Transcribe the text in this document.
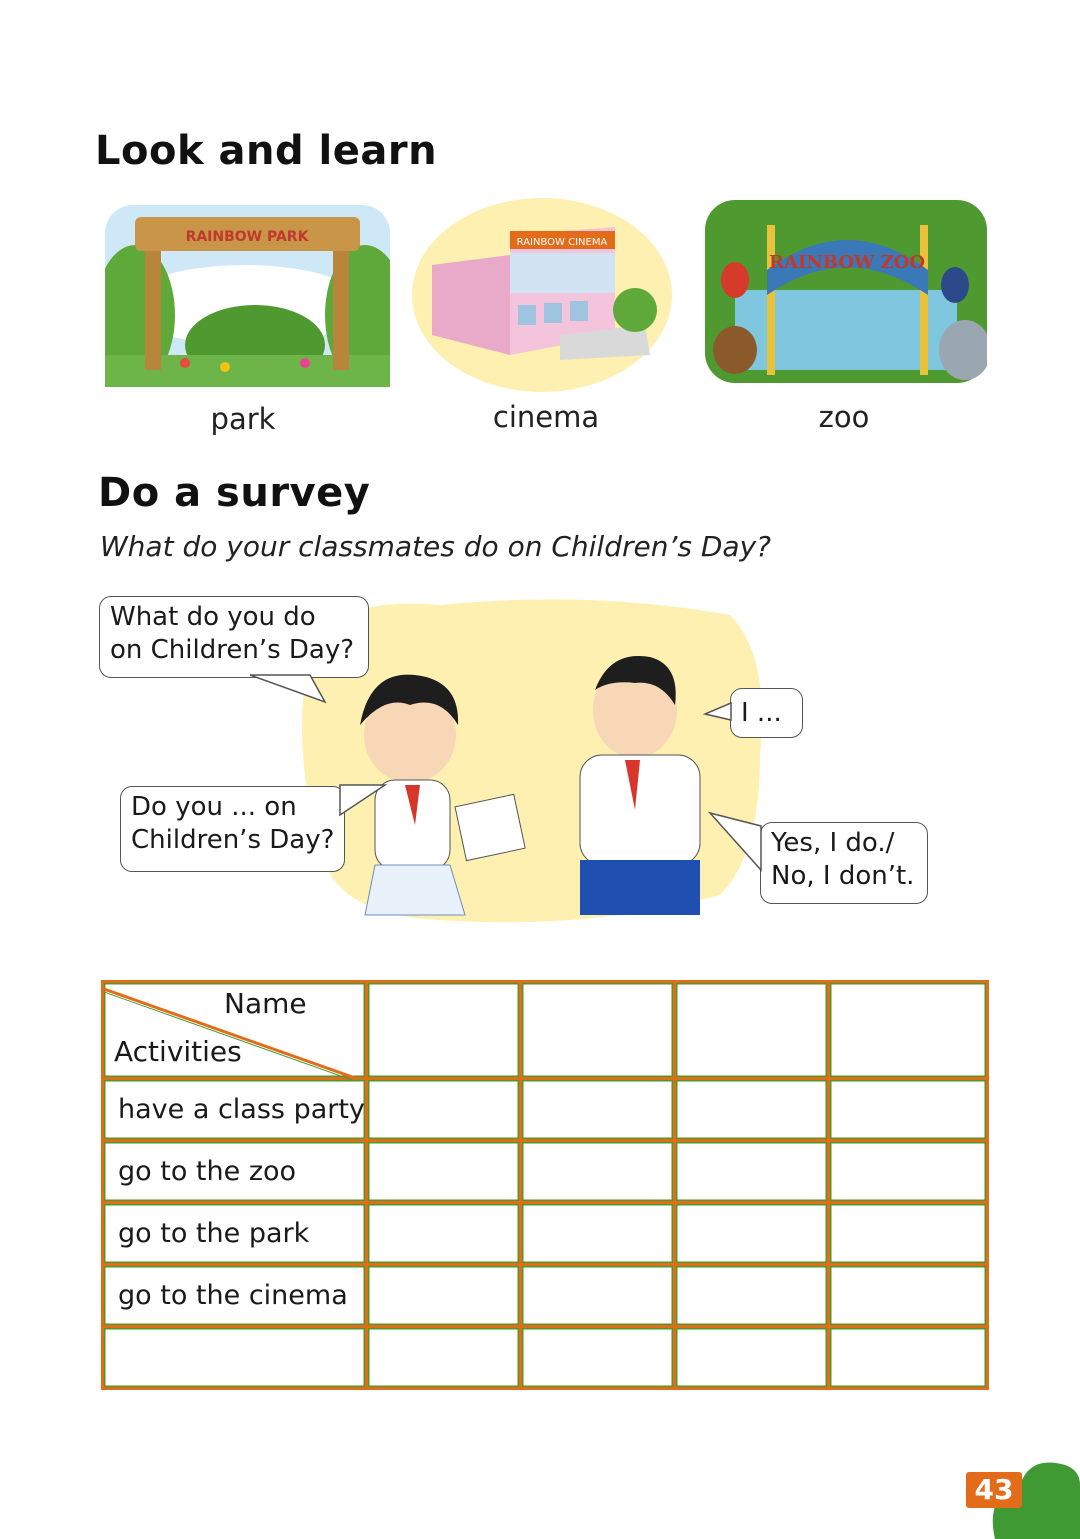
Look and learn
RAINBOW PARK
park
RAINBOW CINEMA
cinema
RAINBOW ZOO
zoo
Do a survey
What do your classmates do on Children’s Day?
What do you do
on Children’s Day?
Do you ... on
Children’s Day?
I ...
Yes, I do./
No, I don’t.
Name
Activities				

have a class party				
go to the zoo				
go to the park				
go to the cinema				

43
